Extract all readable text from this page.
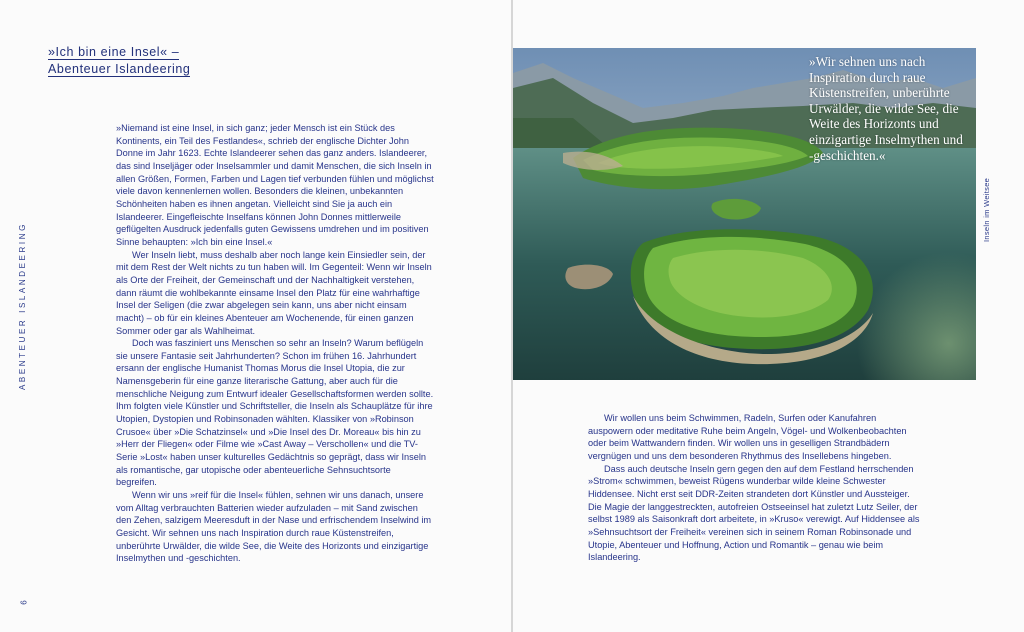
»Ich bin eine Insel« –
Abenteuer Islandeering
ABENTEUER ISLANDEERING
6

»Niemand ist eine Insel, in sich ganz; jeder Mensch ist ein Stück des Kontinents, ein Teil des Festlandes«, schrieb der englische Dichter John Donne im Jahr 1623. Echte Islandeerer sehen das ganz anders. Islandeerer, das sind Inseljäger oder Inselsammler und damit Menschen, die sich Inseln in allen Größen, Formen, Farben und Lagen tief verbunden fühlen und möglichst viele davon kennenlernen wollen. Besonders die kleinen, unbekannten Schönheiten haben es ihnen angetan. Vielleicht sind Sie ja auch ein Islandeerer. Eingefleischte Inselfans können John Donnes mittlerweile geflügelten Ausdruck jedenfalls guten Gewissens umdrehen und im positiven Sinne behaupten: »Ich bin eine Insel.«

Wer Inseln liebt, muss deshalb aber noch lange kein Einsiedler sein, der mit dem Rest der Welt nichts zu tun haben will. Im Gegenteil: Wenn wir Inseln als Orte der Freiheit, der Gemeinschaft und der Nachhaltigkeit verstehen, dann räumt die wohlbekannte einsame Insel den Platz für eine wahrhaftige Insel der Seligen (die zwar abgelegen sein kann, uns aber nicht einsam macht) – ob für ein kleines Abenteuer am Wochenende, für einen ganzen Sommer oder gar als Wahlheimat.

Doch was fasziniert uns Menschen so sehr an Inseln? Warum beflügeln sie unsere Fantasie seit Jahrhunderten? Schon im frühen 16. Jahrhundert ersann der englische Humanist Thomas Morus die Insel Utopia, die zur Namensgeberin für eine ganze literarische Gattung, aber auch für die menschliche Neigung zum Entwurf idealer Gesellschaftsformen werden sollte. Ihm folgten viele Künstler und Schriftsteller, die Inseln als Schauplätze für ihre Utopien, Dystopien und Robinsonaden wählten. Klassiker von »Robinson Crusoe« über »Die Schatzinsel« und »Die Insel des Dr. Moreau« bis hin zu »Herr der Fliegen« oder Filme wie »Cast Away – Verschollen« und die TV-Serie »Lost« haben unser kulturelles Gedächtnis so geprägt, dass wir Inseln als romantische, gar utopische oder abenteuerliche Sehnsuchtsorte begreifen.

Wenn wir uns »reif für die Insel« fühlen, sehnen wir uns danach, unsere vom Alltag verbrauchten Batterien wieder aufzuladen – mit Sand zwischen den Zehen, salzigem Meeresduft in der Nase und erfrischendem Inselwind im Gesicht. Wir sehnen uns nach Inspiration durch raue Küstenstreifen, unberührte Urwälder, die wilde See, die Weite des Horizonts und einzigartige Inselmythen und -geschichten.

»Wir sehnen uns nach Inspiration durch raue Küstenstreifen, unberührte Urwälder, die wilde See, die Weite des Horizonts und einzigartige Inselmythen und -geschichten.«
Inseln im Weitsee

Wir wollen uns beim Schwimmen, Radeln, Surfen oder Kanufahren auspowern oder meditative Ruhe beim Angeln, Vögel- und Wolkenbeobachten oder beim Wattwandern finden. Wir wollen uns in geselligen Strandbädern vergnügen und uns dem besonderen Rhythmus des Insellebens hingeben.

Dass auch deutsche Inseln gern gegen den auf dem Festland herrschenden »Strom« schwimmen, beweist Rügens wunderbar wilde kleine Schwester Hiddensee. Nicht erst seit DDR-Zeiten strandeten dort Künstler und Aussteiger. Die Magie der langgestreckten, autofreien Ostseeinsel hat zuletzt Lutz Seiler, der selbst 1989 als Saisonkraft dort arbeitete, in »Kruso« verewigt. Auf Hiddensee als »Sehnsuchtsort der Freiheit« vereinen sich in seinem Roman Robinsonade und Utopie, Abenteuer und Hoffnung, Action und Romantik – genau wie beim Islandeering.
